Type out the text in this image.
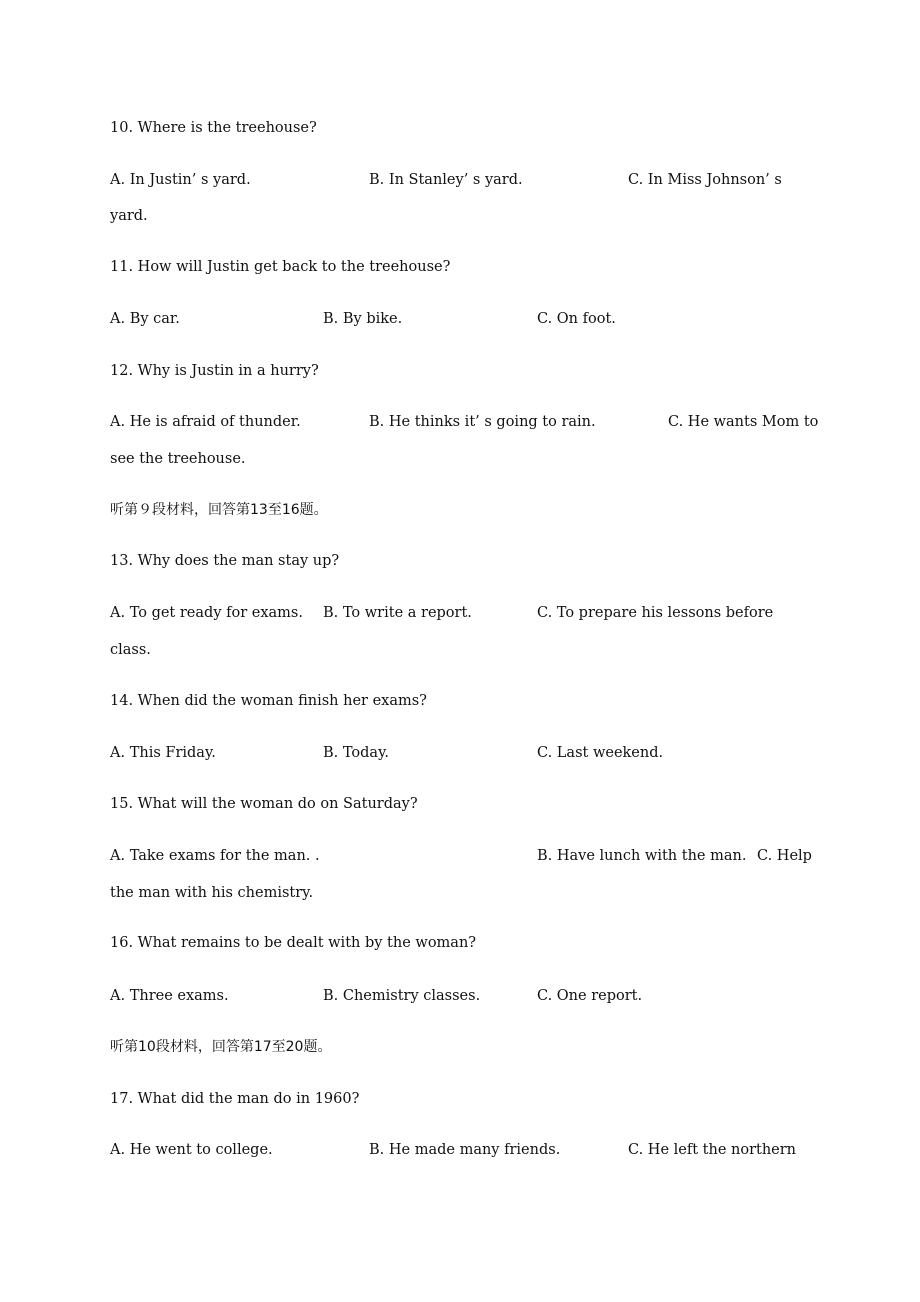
10. Where is the treehouse?
A. In Justin’ s yard.	B. In Stanley’ s yard.	C. In Miss Johnson’ s
yard.
11. How will Justin get back to the treehouse?
A. By car.	B. By bike.	C. On foot.
12. Why is Justin in a hurry?
A. He is afraid of thunder.	B. He thinks it’ s going to rain.	C. He wants Mom to
see the treehouse.
听第９段材料，回答第13至16题。
13. Why does the man stay up?
A. To get ready for exams. B. To write a report.	C. To prepare his lessons before
class.
14. When did the woman finish her exams?
A. This Friday.	B. Today.	C. Last weekend.
15. What will the woman do on Saturday?
A. Take exams for the man. .	B. Have lunch with the man. C. Help
the man with his chemistry.
16. What remains to be dealt with by the woman?
A. Three exams.	B. Chemistry classes.	C. One report.
听第10段材料，回答第17至20题。
17. What did the man do in 1960?
A. He went to college.	B. He made many friends.	C. He left the northern
